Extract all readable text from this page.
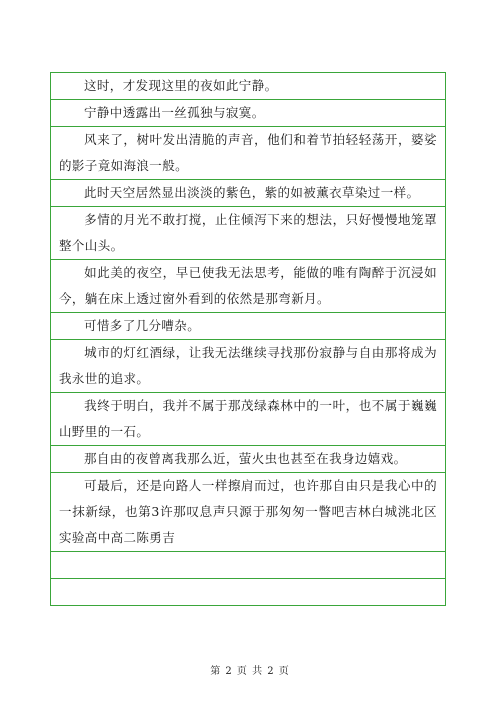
这时，才发现这里的夜如此宁静。
宁静中透露出一丝孤独与寂寞。
风来了，树叶发出清脆的声音，他们和着节拍轻轻荡开，婆娑的影子竟如海浪一般。
此时天空居然显出淡淡的紫色，紫的如被薰衣草染过一样。
多情的月光不敢打搅，止住倾泻下来的想法，只好慢慢地笼罩整个山头。
如此美的夜空，早已使我无法思考，能做的唯有陶醉于沉浸如今，躺在床上透过窗外看到的依然是那弯新月。
可惜多了几分嘈杂。
城市的灯红酒绿，让我无法继续寻找那份寂静与自由那将成为我永世的追求。
我终于明白，我并不属于那茂绿森林中的一叶，也不属于巍巍山野里的一石。
那自由的夜曾离我那么近，萤火虫也甚至在我身边嬉戏。
可最后，还是向路人一样擦肩而过，也许那自由只是我心中的一抹新绿，也第3许那叹息声只源于那匆匆一瞥吧吉林白城洮北区实验高中高二陈勇吉
第 2 页 共 2 页
